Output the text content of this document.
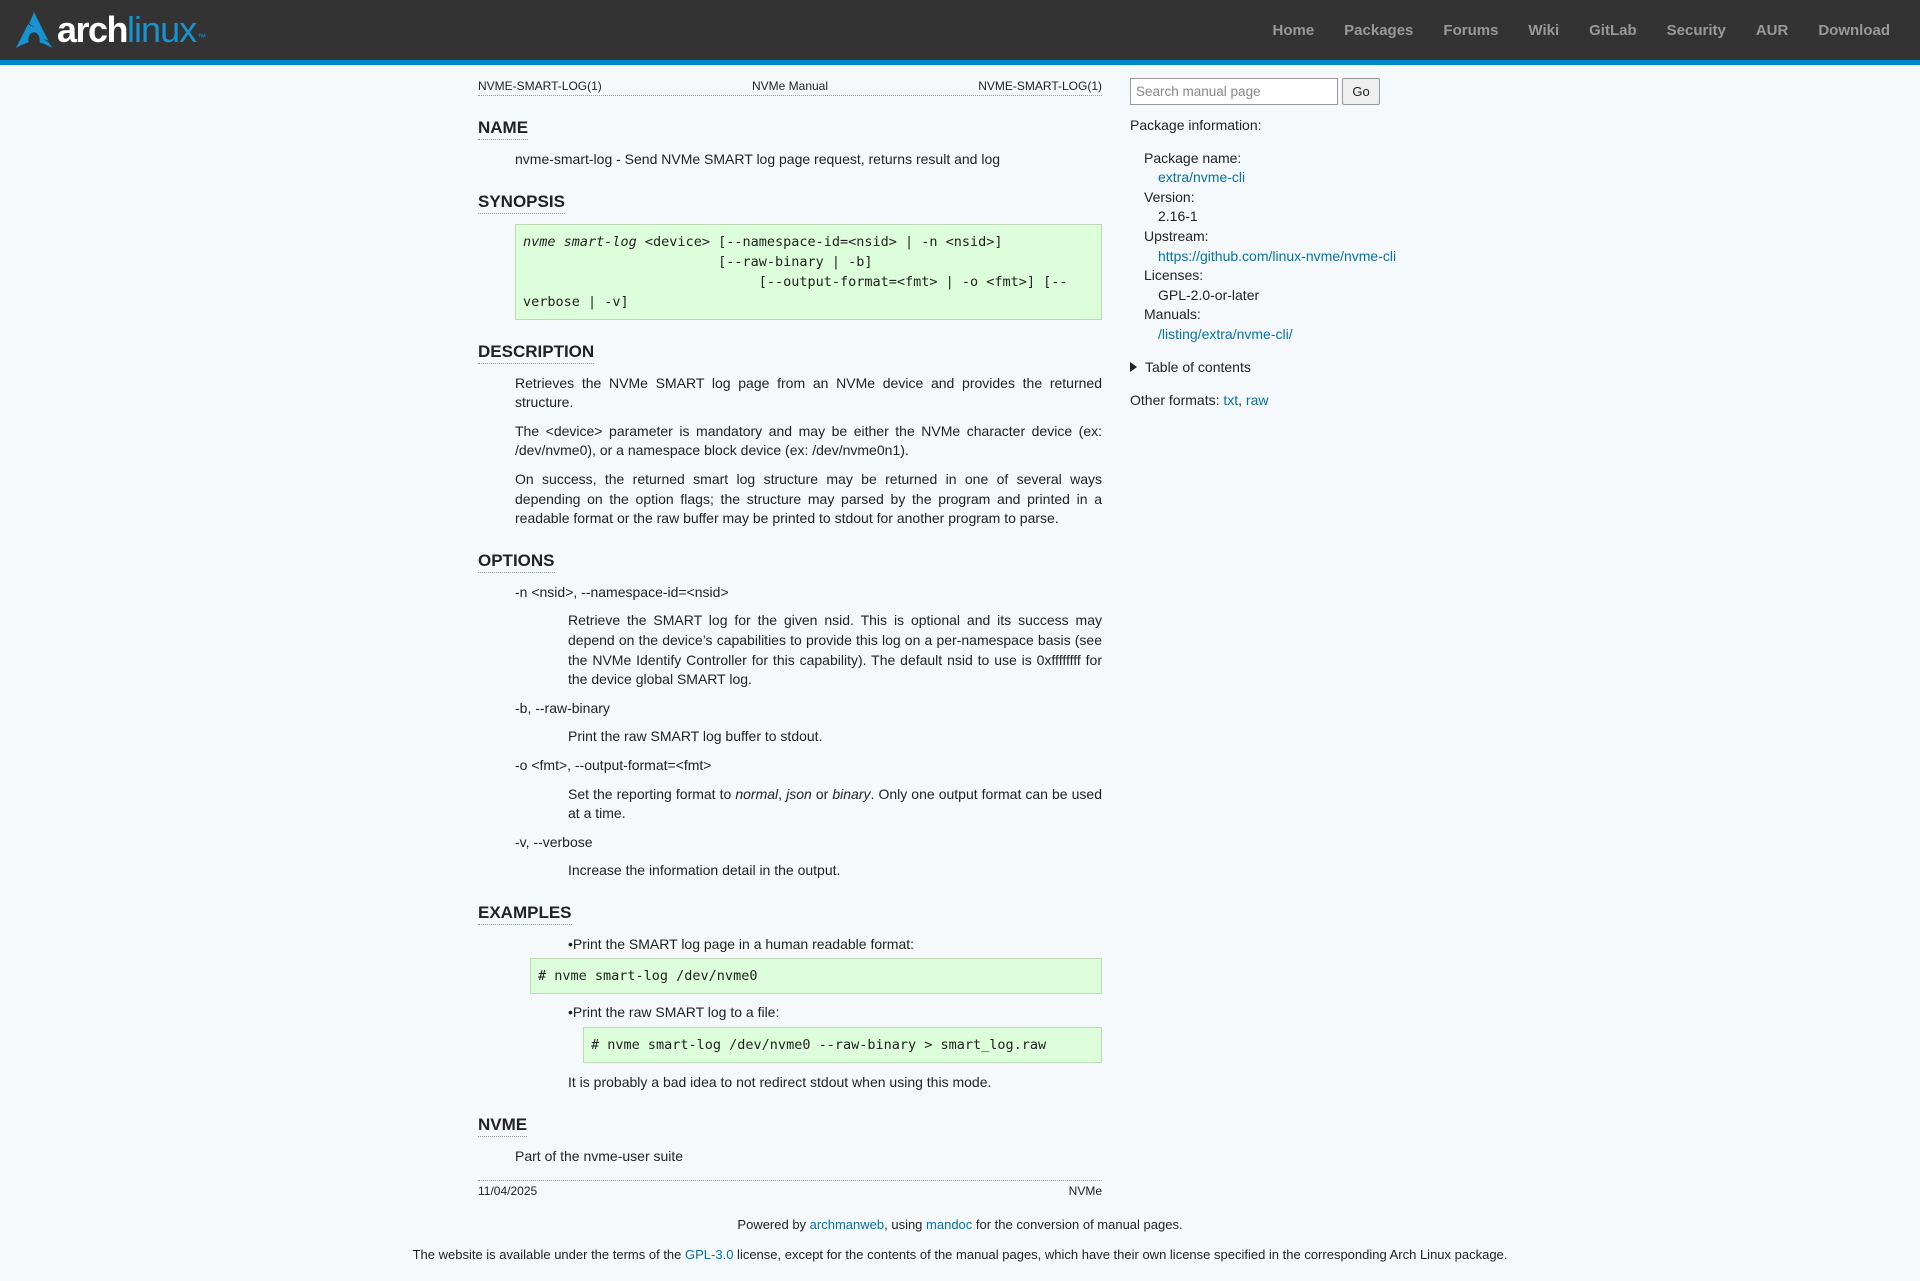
arch linux ™	Home Packages Forums Wiki GitLab Security AUR Download
NVME-SMART-LOG(1)	NVMe Manual	NVME-SMART-LOG(1)
NAME

nvme-smart-log - Send NVMe SMART log page request, returns result and log

SYNOPSIS
nvme smart-log <device> [--namespace-id=<nsid> | -n <nsid>]
[--raw-binary | -b]
[--output-format=<fmt> | -o <fmt>] [--verbose | -v]
DESCRIPTION

Retrieves the NVMe SMART log page from an NVMe device and provides the returned structure.

The <device> parameter is mandatory and may be either the NVMe character device (ex: /dev/nvme0), or a namespace block device (ex: /dev/nvme0n1).

On success, the returned smart log structure may be returned in one of several ways depending on the option flags; the structure may parsed by the program and printed in a readable format or the raw buffer may be printed to stdout for another program to parse.

OPTIONS
-n <nsid>, --namespace-id=<nsid>

Retrieve the SMART log for the given nsid. This is optional and its success may depend on the device’s capabilities to provide this log on a per-namespace basis (see the NVMe Identify Controller for this capability). The default nsid to use is 0xffffffff for the device global SMART log.

-b, --raw-binary

Print the raw SMART log buffer to stdout.

-o <fmt>, --output-format=<fmt>

Set the reporting format to normal, json or binary. Only one output format can be used at a time.

-v, --verbose

Increase the information detail in the output.

EXAMPLES

•Print the SMART log page in a human readable format:

# nvme smart-log /dev/nvme0

•Print the raw SMART log to a file:

# nvme smart-log /dev/nvme0 --raw-binary > smart_log.raw

It is probably a bad idea to not redirect stdout when using this mode.

NVME

Part of the nvme-user suite

11/04/2025	NVMe
Search manual page
Go
Package information:
Package name:
extra/nvme-cli
Version:
2.16-1
Upstream:
https://github.com/linux-nvme/nvme-cli
Licenses:
GPL-2.0-or-later
Manuals:
/listing/extra/nvme-cli/
Table of contents
Other formats: txt, raw

Powered by archmanweb, using mandoc for the conversion of manual pages.

The website is available under the terms of the GPL-3.0 license, except for the contents of the manual pages, which have their own license specified in the corresponding Arch Linux package.
